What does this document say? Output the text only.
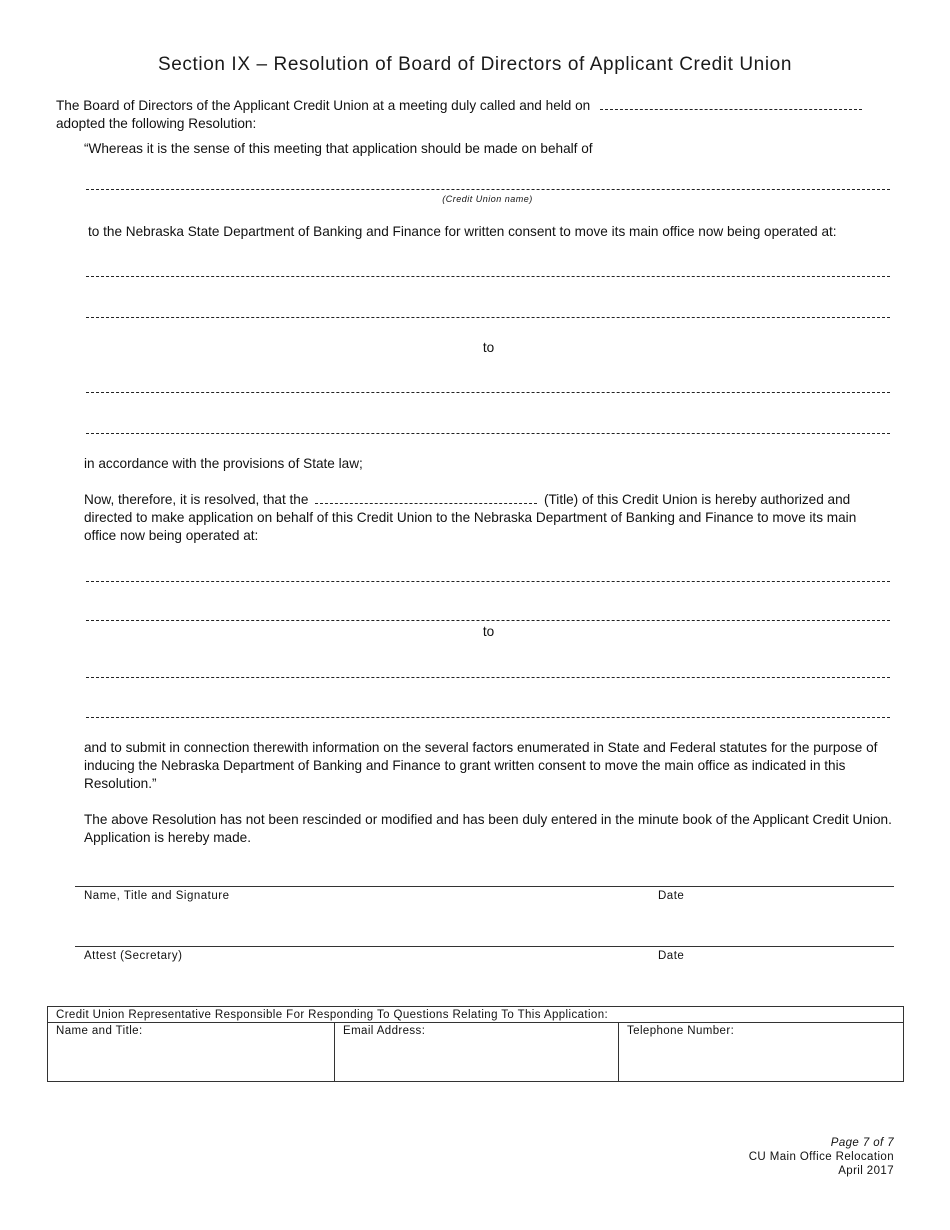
Section IX – Resolution of Board of Directors of Applicant Credit Union
The Board of Directors of the Applicant Credit Union at a meeting duly called and held on
adopted the following Resolution:
“Whereas it is the sense of this meeting that application should be made on behalf of
(Credit Union name)
to the Nebraska State Department of Banking and Finance for written consent to move its main office now being operated at:
to
in accordance with the provisions of State law;
Now, therefore, it is resolved, that the	(Title) of this Credit Union is hereby authorized and
directed to make application on behalf of this Credit Union to the Nebraska Department of Banking and Finance to move its main
office now being operated at:
to
and to submit in connection therewith information on the several factors enumerated in State and Federal statutes for the purpose of inducing the Nebraska Department of Banking and Finance to grant written consent to move the main office as indicated in this Resolution.”
The above Resolution has not been rescinded or modified and has been duly entered in the minute book of the Applicant Credit Union. Application is hereby made.
Name, Title and Signature	Date
Attest (Secretary)	Date
Credit Union Representative Responsible For Responding To Questions Relating To This Application:
Name and Title:	Email Address:	Telephone Number:
Page 7 of 7
CU Main Office Relocation
April 2017
